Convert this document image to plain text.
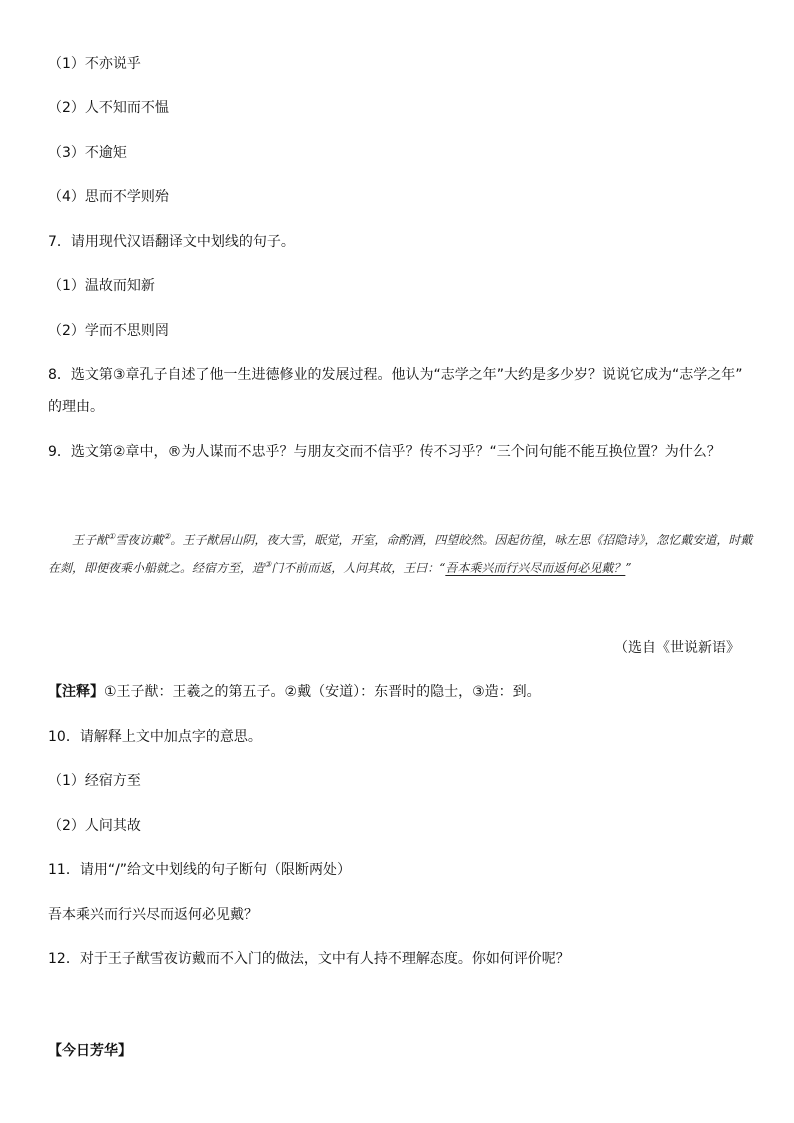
（1）不亦说乎
（2）人不知而不愠
（3）不逾矩
（4）思而不学则殆
7．请用现代汉语翻译文中划线的句子。
（1）温故而知新
（2）学而不思则罔
8．选文第③章孔子自述了他一生进德修业的发展过程。他认为“志学之年”大约是多少岁？说说它成为“志学之年”
的理由。
9．选文第②章中，®为人谋而不忠乎？与朋友交而不信乎？传不习乎？“三个问句能不能互换位置？为什么？
王子猷①雪夜访戴②。王子猷居山阴，夜大雪，眠觉，开室，命酌酒，四望皎然。因起彷徨，咏左思《招隐诗》，忽忆戴安道，时戴在剡，即便夜乘小船就之。经宿方至，造③门不前而返，人问其故，王曰：“吾本乘兴而行兴尽而返何必见戴？”
（选自《世说新语》
【注释】①王子猷：王羲之的第五子。②戴（安道）：东晋时的隐士，③造：到。
10．请解释上文中加点字的意思。
（1）经宿方至
（2）人问其故
11．请用“/”给文中划线的句子断句（限断两处）
吾本乘兴而行兴尽而返何必见戴？
12．对于王子猷雪夜访戴而不入门的做法，文中有人持不理解态度。你如何评价呢？
【今日芳华】
